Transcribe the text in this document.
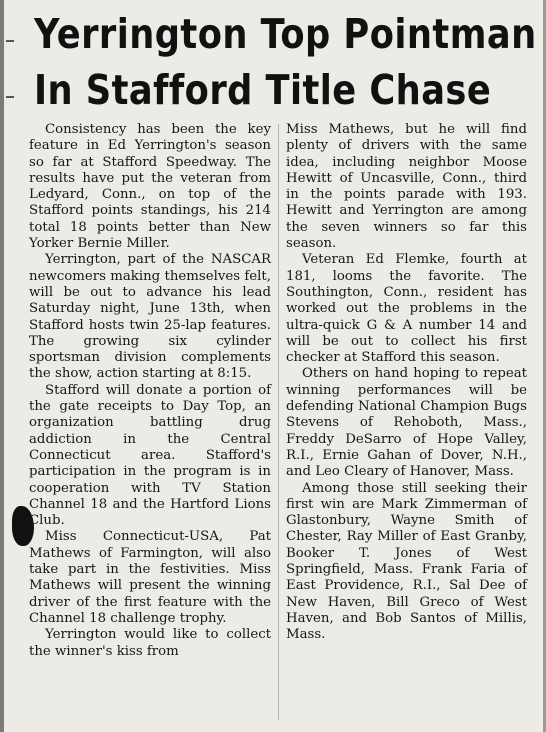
Yerrington Top Pointman
In Stafford Title Chase

Consistency has been the key feature in Ed Yerrington's season so far at Stafford Speedway. The results have put the veteran from Ledyard, Conn., on top of the Stafford points standings, his 214 total 18 points better than New Yorker Bernie Miller.

Yerrington, part of the NASCAR newcomers making themselves felt, will be out to advance his lead Saturday night, June 13th, when Stafford hosts twin 25-lap features. The growing six cylinder sportsman division complements the show, action starting at 8:15.

Stafford will donate a portion of the gate receipts to Day Top, an organization battling drug addiction in the Central Connecticut area. Stafford's participation in the program is in cooperation with TV Station Channel 18 and the Hartford Lions Club.

Miss Connecticut-USA, Pat Mathews of Farmington, will also take part in the festivities. Miss Mathews will present the winning driver of the first feature with the Channel 18 challenge trophy.

Yerrington would like to collect the winner's kiss from

Miss Mathews, but he will find plenty of drivers with the same idea, including neighbor Moose Hewitt of Uncasville, Conn., third in the points parade with 193. Hewitt and Yerrington are among the seven winners so far this season.

Veteran Ed Flemke, fourth at 181, looms the favorite. The Southington, Conn., resident has worked out the problems in the ultra-quick G & A number 14 and will be out to collect his first checker at Stafford this season.

Others on hand hoping to repeat winning performances will be defending National Champion Bugs Stevens of Rehoboth, Mass., Freddy DeSarro of Hope Valley, R.I., Ernie Gahan of Dover, N.H., and Leo Cleary of Hanover, Mass.

Among those still seeking their first win are Mark Zimmerman of Glastonbury, Wayne Smith of Chester, Ray Miller of East Granby, Booker T. Jones of West Springfield, Mass. Frank Faria of East Providence, R.I., Sal Dee of New Haven, Bill Greco of West Haven, and Bob Santos of Millis, Mass.
